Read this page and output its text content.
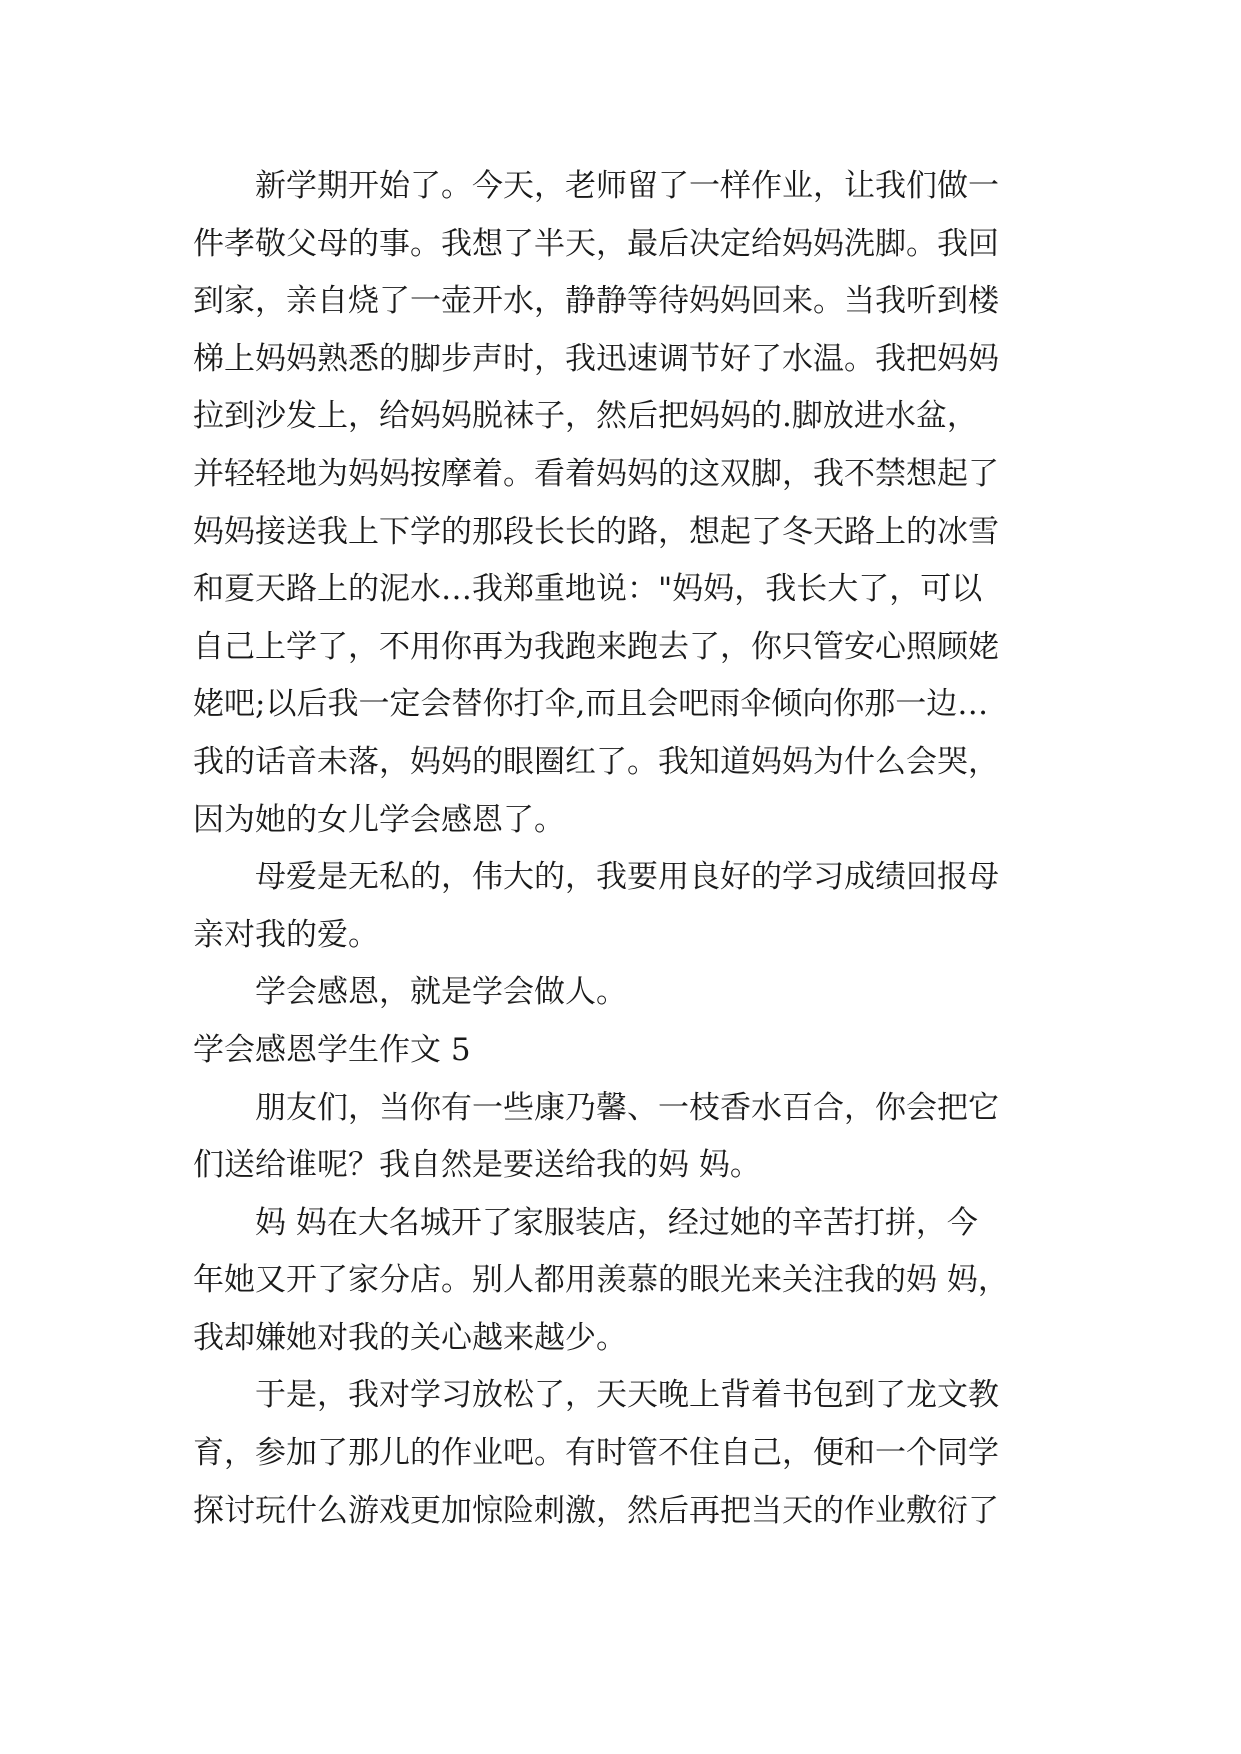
新学期开始了。今天，老师留了一样作业，让我们做一
件孝敬父母的事。我想了半天，最后决定给妈妈洗脚。我回
到家，亲自烧了一壶开水，静静等待妈妈回来。当我听到楼
梯上妈妈熟悉的脚步声时，我迅速调节好了水温。我把妈妈
拉到沙发上，给妈妈脱袜子，然后把妈妈的.脚放进水盆，
并轻轻地为妈妈按摩着。看着妈妈的这双脚，我不禁想起了
妈妈接送我上下学的那段长长的路，想起了冬天路上的冰雪
和夏天路上的泥水…我郑重地说："妈妈，我长大了，可以
自己上学了，不用你再为我跑来跑去了，你只管安心照顾姥
姥吧;以后我一定会替你打伞,而且会吧雨伞倾向你那一边…
我的话音未落，妈妈的眼圈红了。我知道妈妈为什么会哭，
因为她的女儿学会感恩了。
母爱是无私的，伟大的，我要用良好的学习成绩回报母
亲对我的爱。
学会感恩，就是学会做人。
学会感恩学生作文 5
朋友们，当你有一些康乃馨、一枝香水百合，你会把它
们送给谁呢？我自然是要送给我的妈 妈。
妈 妈在大名城开了家服装店，经过她的辛苦打拼，今
年她又开了家分店。别人都用羡慕的眼光来关注我的妈 妈，
我却嫌她对我的关心越来越少。
于是，我对学习放松了，天天晚上背着书包到了龙文教
育，参加了那儿的作业吧。有时管不住自己，便和一个同学
探讨玩什么游戏更加惊险刺激，然后再把当天的作业敷衍了
